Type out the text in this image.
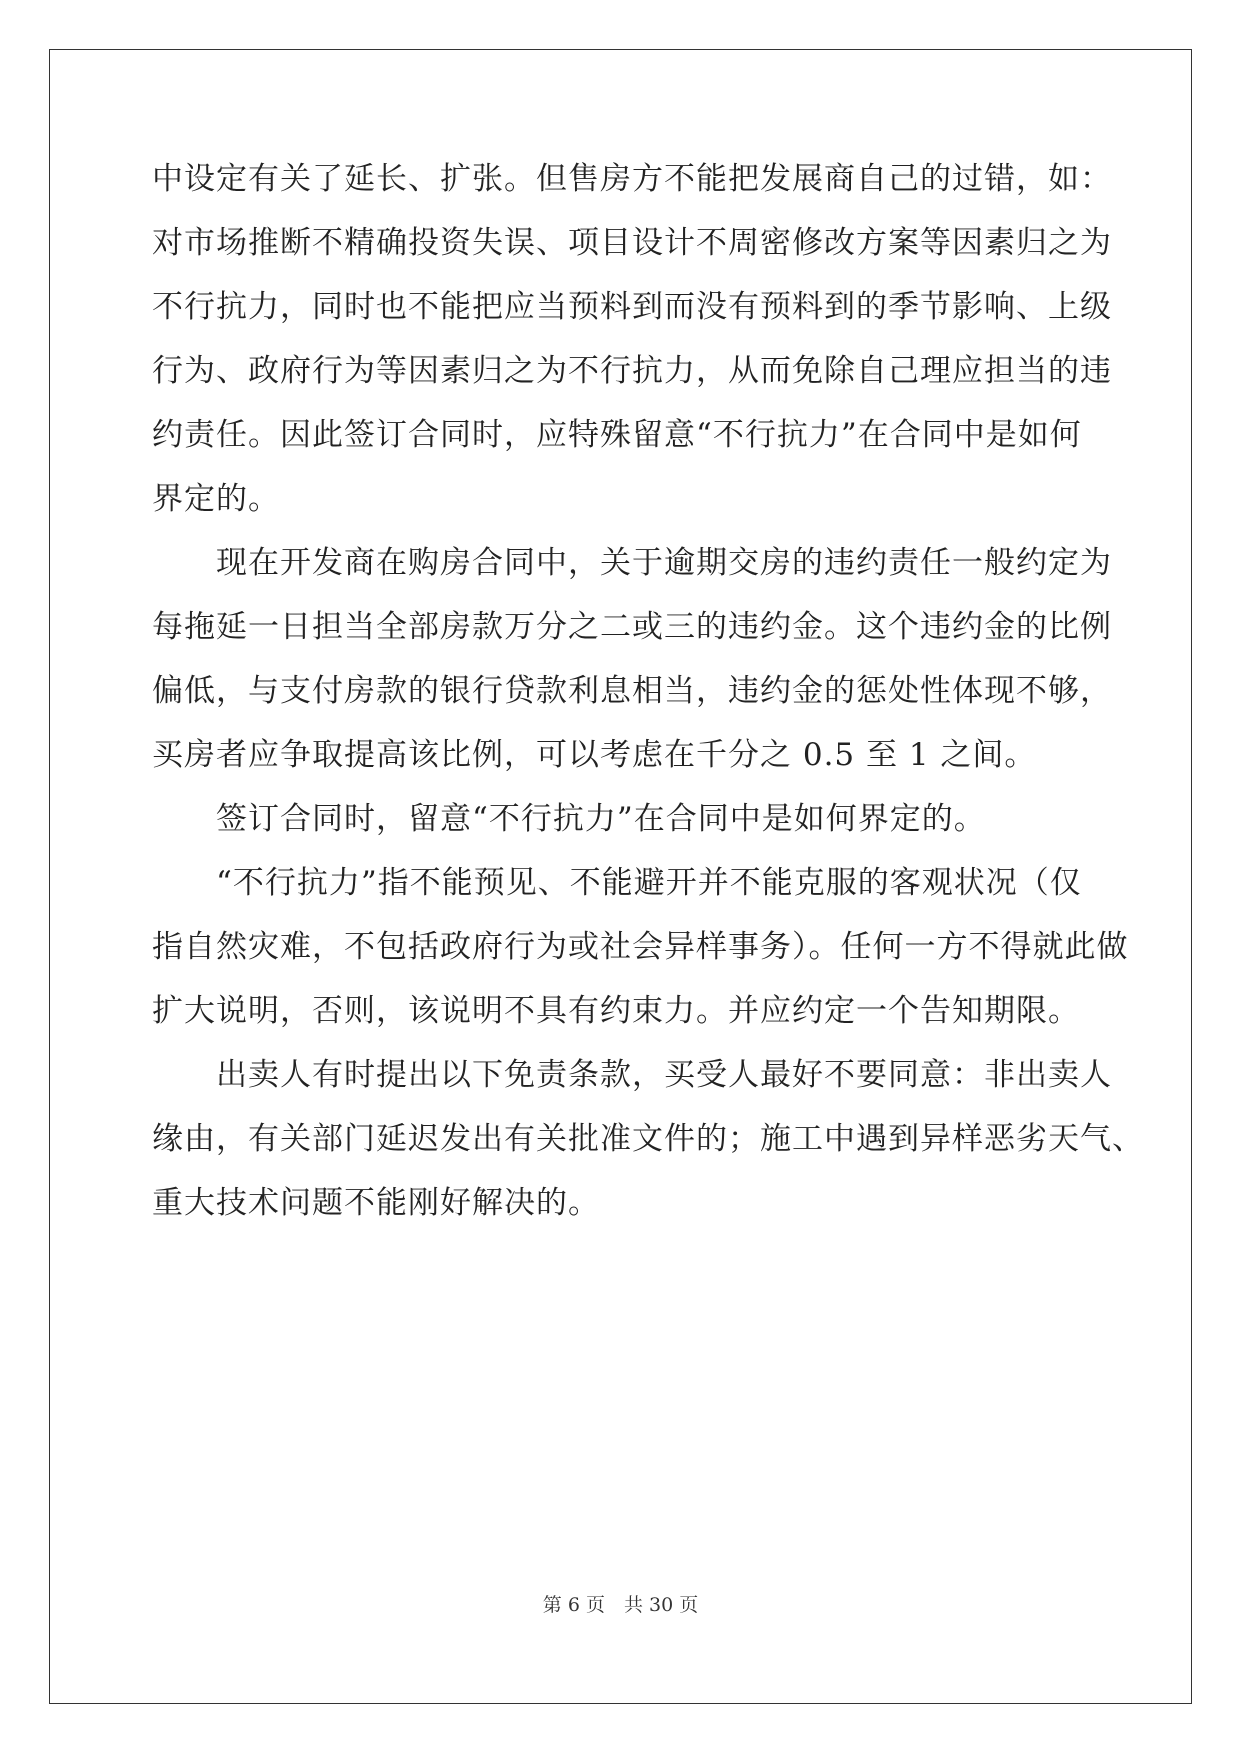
中设定有关了延长、扩张。但售房方不能把发展商自己的过错，如：
对市场推断不精确投资失误、项目设计不周密修改方案等因素归之为
不行抗力，同时也不能把应当预料到而没有预料到的季节影响、上级
行为、政府行为等因素归之为不行抗力，从而免除自己理应担当的违
约责任。因此签订合同时，应特殊留意“不行抗力”在合同中是如何
界定的。
　　现在开发商在购房合同中，关于逾期交房的违约责任一般约定为
每拖延一日担当全部房款万分之二或三的违约金。这个违约金的比例
偏低，与支付房款的银行贷款利息相当，违约金的惩处性体现不够，
买房者应争取提高该比例，可以考虑在千分之 0.5 至 1 之间。
　　签订合同时，留意“不行抗力”在合同中是如何界定的。
　　“不行抗力”指不能预见、不能避开并不能克服的客观状况（仅
指自然灾难，不包括政府行为或社会异样事务）。任何一方不得就此做
扩大说明，否则，该说明不具有约束力。并应约定一个告知期限。
　　出卖人有时提出以下免责条款，买受人最好不要同意：非出卖人
缘由，有关部门延迟发出有关批准文件的；施工中遇到异样恶劣天气、
重大技术问题不能刚好解决的。
第 6 页　共 30 页
